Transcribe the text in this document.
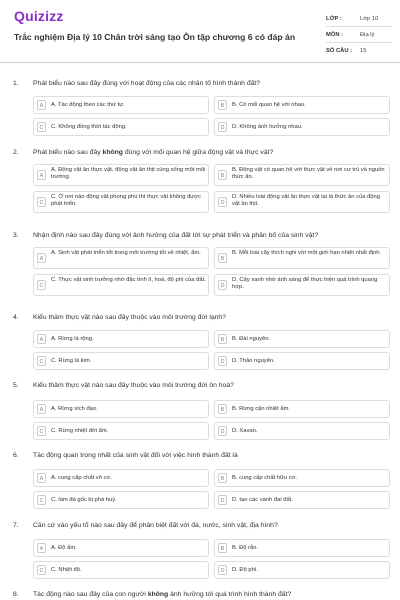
Quizizz
Trắc nghiệm Địa lý 10 Chân trời sáng tạo Ôn tập chương 6 có đáp án
LỚP :	Lớp 10
MÔN :	Địa lý
SỐ CÂU :	15
1. Phát biểu nào sau đây đúng với hoạt động của các nhân tố hình thành đất?
A	A. Tác động theo các thứ tự.	B	B. Có mối quan hệ với nhau.
C	C. Không đồng thời tác động.	D	D. Không ảnh hưởng nhau.
2. Phát biểu nào sau đây không đúng với mối quan hệ giữa động vật và thực vật?
A
A. Động vật ăn thực vật, động vật ăn thịt cùng sống một môi trường.	B
B. Động vật có quan hệ với thực vật về nơi cư trú và nguồn thức ăn.
C
C. Ở nơi nào động vật phong phú thì thực vật không được phát triển.	D
D. Nhiều loài động vật ăn thực vật lại là thức ăn của động vật ăn thịt.
3. Nhận định nào sau đây đúng với ảnh hưởng của đất tới sự phát triển và phân bố của sinh vật?
A
A. Sinh vật phát triển tốt trong môi trường tốt về nhiệt, ẩm.
B
B. Mỗi loài cây thích nghi với một giới hạn nhiệt nhất định.
C
C. Thực vật sinh trưởng nhờ đặc tính lí, hoá, độ phì của đất.
D
D. Cây xanh nhờ ánh sáng để thực hiện quá trình quang hợp.
4. Kiểu thảm thực vật nào sau đây thuộc vào môi trường đới lạnh?
A	A. Rừng lá rộng.	B	B. Đài nguyên.
C	C. Rừng lá kim.	D	D. Thảo nguyên.
5. Kiểu thảm thực vật nào sau đây thuộc vào môi trường đới ôn hoà?
A	A. Rừng xích đạo.	B	B. Rừng cận nhiệt ẩm.
C	C. Rừng nhiệt đới ẩm.	D	D. Xavan.
6. Tác động quan trọng nhất của sinh vật đối với việc hình thành đất là
A	A. cung cấp chất vô cơ.	B	B. cung cấp chất hữu cơ.
C	C. làm đá gốc bị phá huỷ.	D	D. tạo các vành đai đất.
7. Căn cứ vào yếu tố nào sau đây để phân biệt đất với đá, nước, sinh vật, địa hình?
A	A. Độ ẩm.	B	B. Độ rắn.
C	C. Nhiệt độ.	D	D. Độ phì.
8. Tác động nào sau đây của con người không ảnh hưởng tới quá trình hình thành đất?
